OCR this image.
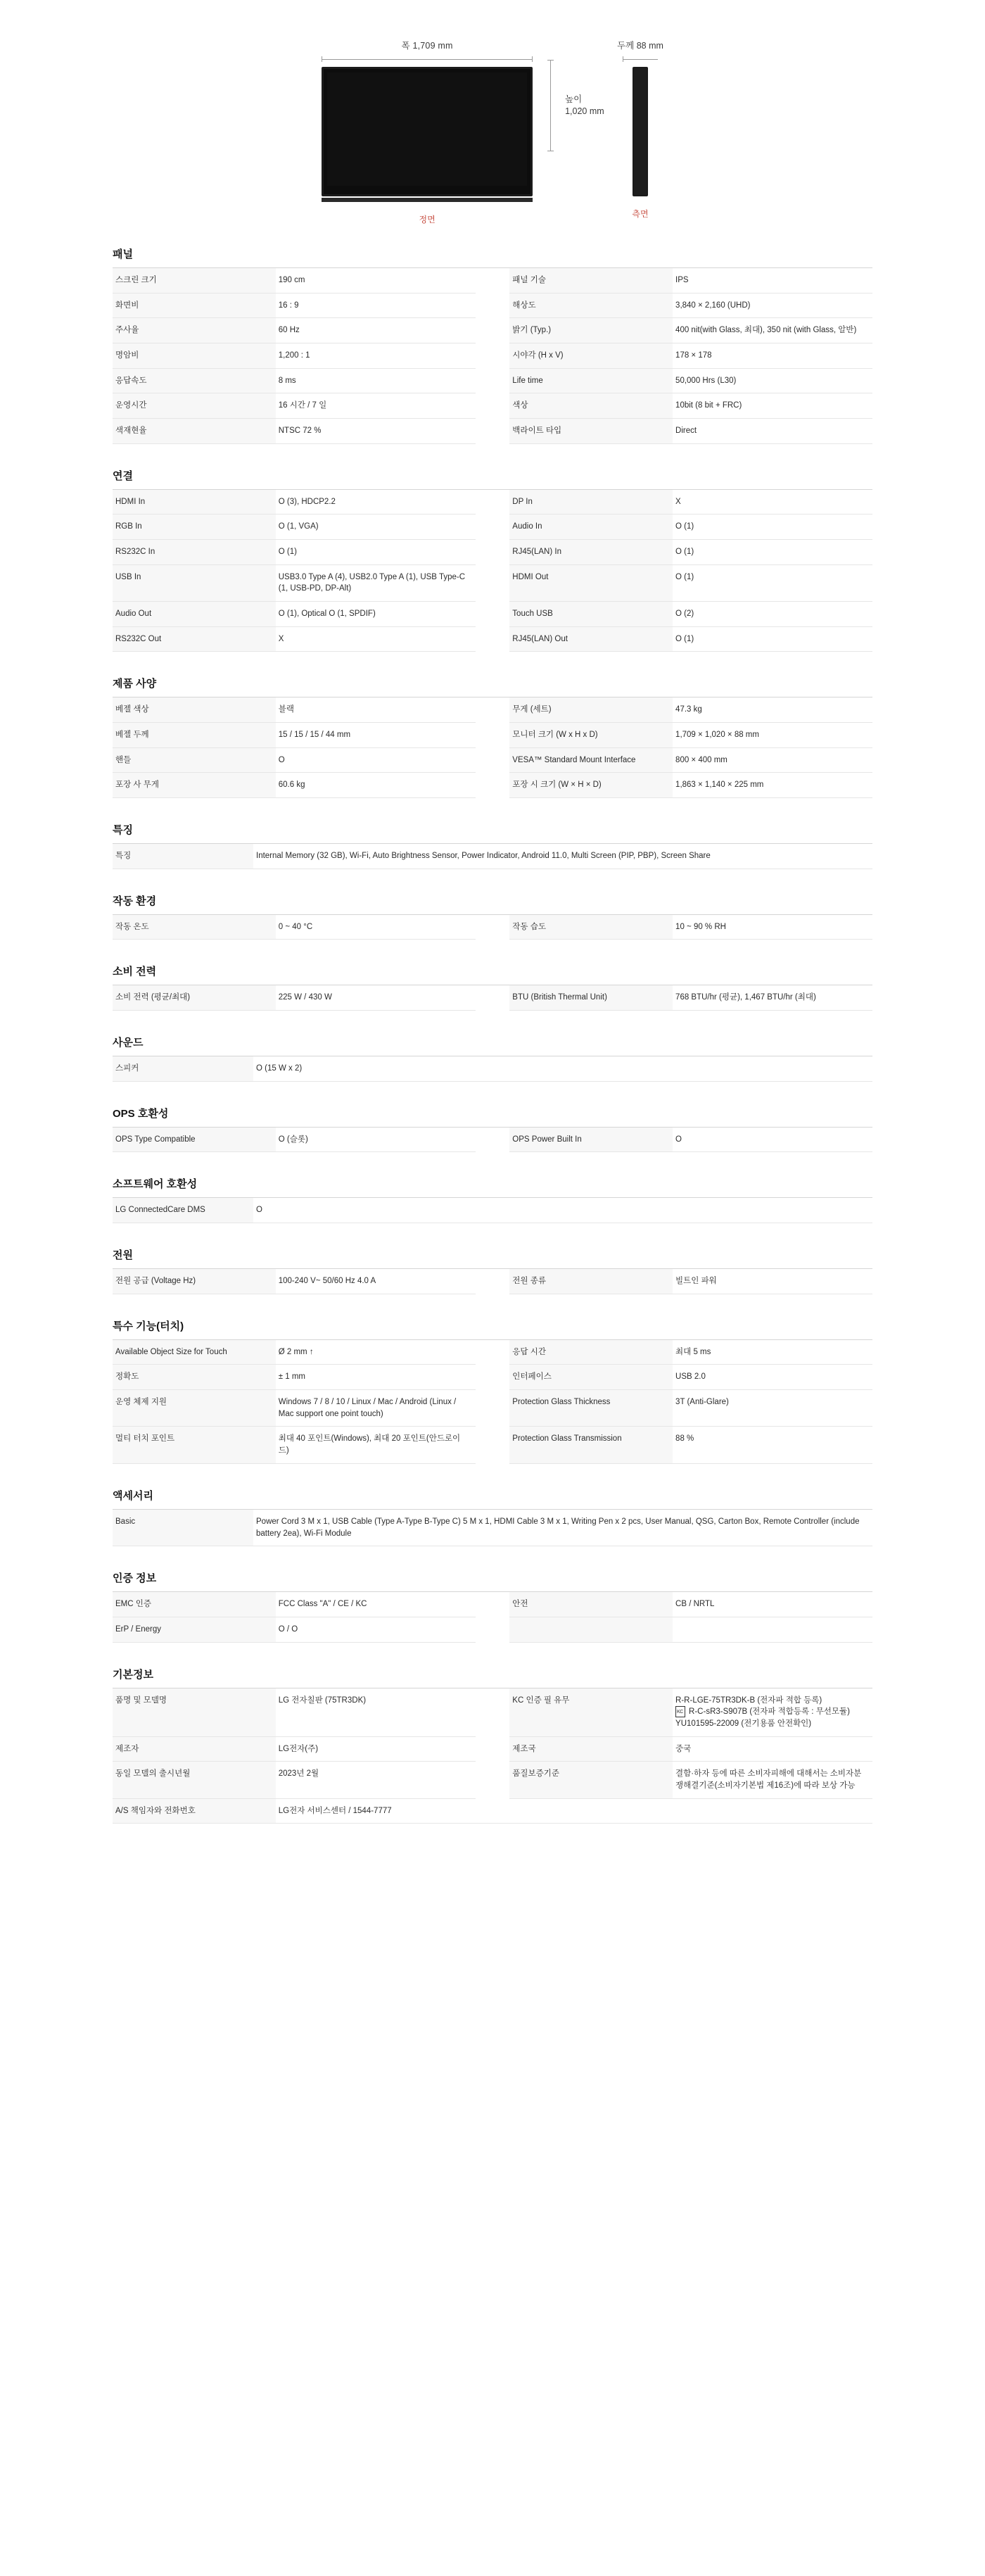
폭 1,709 mm
정면
높이
1,020 mm
두께 88 mm
측면
패널
스크린 크기	190 cm		패널 기술	IPS
화면비	16 : 9		해상도	3,840 × 2,160 (UHD)
주사율	60 Hz		밝기 (Typ.)	400 nit(with Glass, 최대), 350 nit (with Glass, 알반)
명암비	1,200 : 1		시야각 (H x V)	178 × 178
응답속도	8 ms		Life time	50,000 Hrs (L30)
운영시간	16 시간 / 7 일		색상	10bit (8 bit + FRC)
색재현율	NTSC 72 %		백라이트 타입	Direct
연결
HDMI In	O (3), HDCP2.2		DP In	X
RGB In	O (1, VGA)		Audio In	O (1)
RS232C In	O (1)		RJ45(LAN) In	O (1)
USB In	USB3.0 Type A (4), USB2.0 Type A (1), USB Type-C (1, USB-PD, DP-Alt)		HDMI Out	O (1)
Audio Out	O (1), Optical O (1, SPDIF)		Touch USB	O (2)
RS232C Out	X		RJ45(LAN) Out	O (1)
제품 사양
베젤 색상	블랙		무게 (세트)	47.3 kg
베젤 두께	15 / 15 / 15 / 44 mm		모니터 크기 (W x H x D)	1,709 × 1,020 × 88 mm
핸들	O		VESA™ Standard Mount Interface	800 × 400 mm
포장 사 무게	60.6 kg		포장 시 크기 (W × H × D)	1,863 × 1,140 × 225 mm
특징
특징	Internal Memory (32 GB), Wi-Fi, Auto Brightness Sensor, Power Indicator, Android 11.0, Multi Screen (PIP, PBP), Screen Share
작동 환경
작동 온도	0 ~ 40 °C		작동 습도	10 ~ 90 % RH
소비 전력
소비 전력 (평균/최대)	225 W / 430 W		BTU (British Thermal Unit)	768 BTU/hr (평균), 1,467 BTU/hr (최대)
사운드
스피커	O (15 W x 2)
OPS 호환성
OPS Type Compatible	O (슬롯)		OPS Power Built In	O
소프트웨어 호환성
LG ConnectedCare DMS	O
전원
전원 공급 (Voltage Hz)	100-240 V~ 50/60 Hz 4.0 A		전원 종류	빌트인 파워
특수 기능(터치)
Available Object Size for Touch	Ø 2 mm ↑		응답 시간	최대 5 ms
정확도	± 1 mm		인터페이스	USB 2.0
운영 체제 지원	Windows 7 / 8 / 10 / Linux / Mac / Android (Linux / Mac support one point touch)		Protection Glass Thickness	3T (Anti-Glare)
멀티 터치 포인트	최대 40 포인트(Windows), 최대 20 포인트(안드로이드)		Protection Glass Transmission	88 %
액세서리
Basic	Power Cord 3 M x 1, USB Cable (Type A-Type B-Type C) 5 M x 1, HDMI Cable 3 M x 1, Writing Pen x 2 pcs, User Manual, QSG, Carton Box, Remote Controller (include battery 2ea), Wi-Fi Module
인증 정보
EMC 인증	FCC Class "A" / CE / KC		안전	CB / NRTL
ErP / Energy	O / O			
기본정보
품명 및 모델명	LG 전자칠판 (75TR3DK)		KC 인증 필 유무	R-R-LGE-75TR3DK-B (전자파 적합 등록)
KCR-C-sR3-S907B (전자파 적합등록 : 무선모듈)
YU101595-22009 (전기용품 안전확인)

제조자	LG전자(주)		제조국	중국
동일 모델의 출시년월	2023년 2월		품질보증기준	결함·하자 등에 따른 소비자피해에 대해서는 소비자분쟁해결기준(소비자기본법 제16조)에 따라 보상 가능
A/S 책임자와 전화번호	LG전자 서비스센터 / 1544-7777			
